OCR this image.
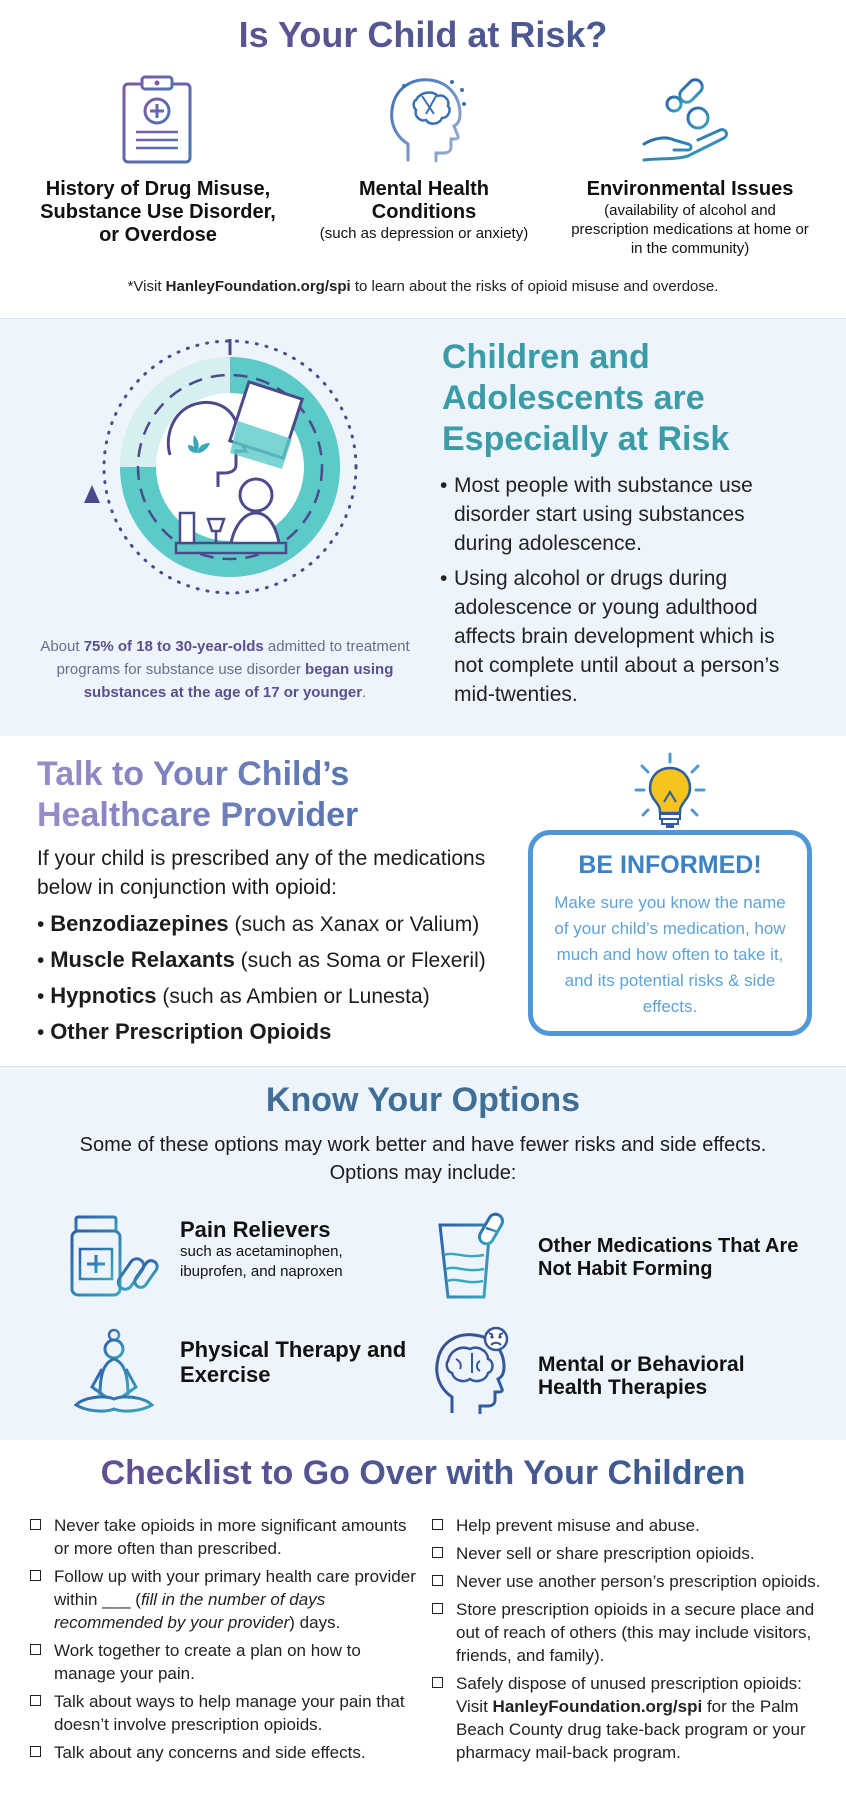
Is Your Child at Risk?
History of Drug Misuse, Substance Use Disorder, or Overdose
Mental Health Conditions
(such as depression or anxiety)
Environmental Issues
(availability of alcohol and prescription medications at home or in the community)
*Visit HanleyFoundation.org/spi to learn about the risks of opioid misuse and overdose.
About 75% of 18 to 30-year-olds admitted to treatment programs for substance use disorder began using substances at the age of 17 or younger.
Children and
Adolescents are
Especially at Risk
• Most people with substance use disorder start using substances during adolescence.
• Using alcohol or drugs during adolescence or young adulthood affects brain development which is not complete until about a person’s mid-twenties.
Talk to Your Child’s
Healthcare Provider
If your child is prescribed any of the medications below in conjunction with opioid:
• Benzodiazepines (such as Xanax or Valium)
• Muscle Relaxants (such as Soma or Flexeril)
• Hypnotics (such as Ambien or Lunesta)
• Other Prescription Opioids
BE INFORMED!
Make sure you know the name of your child’s medication, how much and how often to take it, and its potential risks & side effects.
Know Your Options
Some of these options may work better and have fewer risks and side effects.
Options may include:
Pain Relievers
such as acetaminophen, ibuprofen, and naproxen
Other Medications That Are Not Habit Forming
Physical Therapy and Exercise	Mental or Behavioral Health Therapies
Checklist to Go Over with Your Children
Never take opioids in more significant amounts or more often than prescribed.
Follow up with your primary health care provider within ___ (fill in the number of days recommended by your provider) days.
Work together to create a plan on how to manage your pain.
Talk about ways to help manage your pain that doesn’t involve prescription opioids.
Talk about any concerns and side effects.
Help prevent misuse and abuse.
Never sell or share prescription opioids.
Never use another person’s prescription opioids.
Store prescription opioids in a secure place and out of reach of others (this may include visitors, friends, and family).
Safely dispose of unused prescription opioids: Visit HanleyFoundation.org/spi for the Palm Beach County drug take-back program or your pharmacy mail-back program.
